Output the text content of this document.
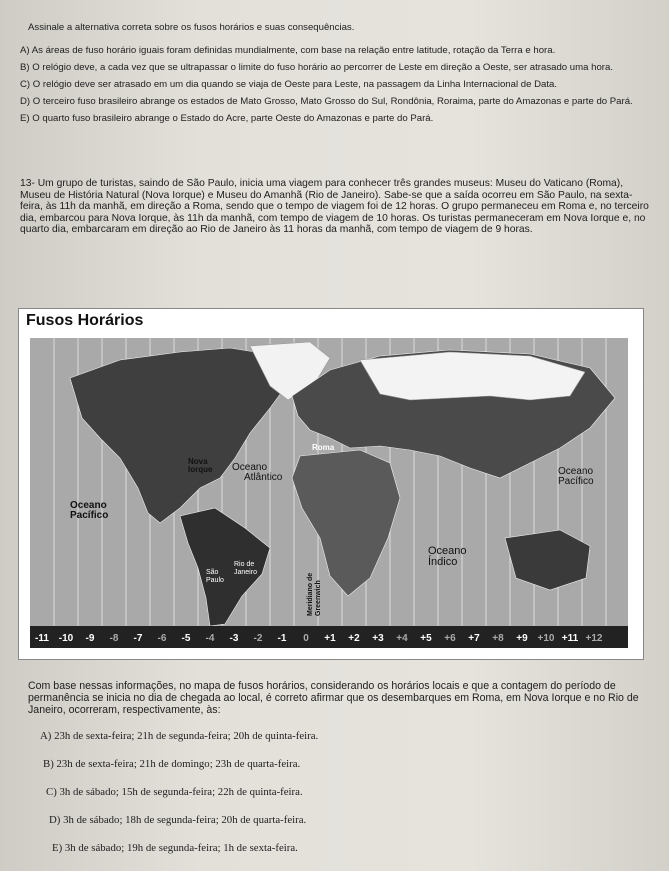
Assinale a alternativa correta sobre os fusos horários e suas consequências.

A) As áreas de fuso horário iguais foram definidas mundialmente, com base na relação entre latitude, rotação da Terra e hora.

B) O relógio deve, a cada vez que se ultrapassar o limite do fuso horário ao percorrer de Leste em direção a Oeste, ser atrasado uma hora.

C) O relógio deve ser atrasado em um dia quando se viaja de Oeste para Leste, na passagem da Linha Internacional de Data.

D) O terceiro fuso brasileiro abrange os estados de Mato Grosso, Mato Grosso do Sul, Rondônia, Roraima, parte do Amazonas e parte do Pará.

E) O quarto fuso brasileiro abrange o Estado do Acre, parte Oeste do Amazonas e parte do Pará.

13- Um grupo de turistas, saindo de São Paulo, inicia uma viagem para conhecer três grandes museus: Museu do Vaticano (Roma), Museu de História Natural (Nova Iorque) e Museu do Amanhã (Rio de Janeiro). Sabe-se que a saída ocorreu em São Paulo, na sexta-feira, às 11h da manhã, em direção a Roma, sendo que o tempo de viagem foi de 12 horas. O grupo permaneceu em Roma e, no terceiro dia, embarcou para Nova Iorque, às 11h da manhã, com tempo de viagem de 10 horas. Os turistas permaneceram em Nova Iorque e, no quarto dia, embarcaram em direção ao Rio de Janeiro às 11 horas da manhã, com tempo de viagem de 9 horas.

Fusos Horários
-11 -10 -9 -8 -7 -6 -5 -4 -3 -2 -1 0 +1 +2 +3 +4 +5 +6 +7 +8 +9 +10 +11 +12
Nova Iorque
Roma
Oceano Atlântico
Oceano Pacífico
Oceano Pacífico
Oceano Índico
Rio de Janeiro
São Paulo	Meridiano de Greenwich

Com base nessas informações, no mapa de fusos horários, considerando os horários locais e que a contagem do período de permanência se inicia no dia de chegada ao local, é correto afirmar que os desembarques em Roma, em Nova Iorque e no Rio de Janeiro, ocorreram, respectivamente, às:

A) 23h de sexta-feira; 21h de segunda-feira; 20h de quinta-feira.
B) 23h de sexta-feira; 21h de domingo; 23h de quarta-feira.
C) 3h de sábado; 15h de segunda-feira; 22h de quinta-feira.
D) 3h de sábado; 18h de segunda-feira; 20h de quarta-feira.
E) 3h de sábado; 19h de segunda-feira; 1h de sexta-feira.
